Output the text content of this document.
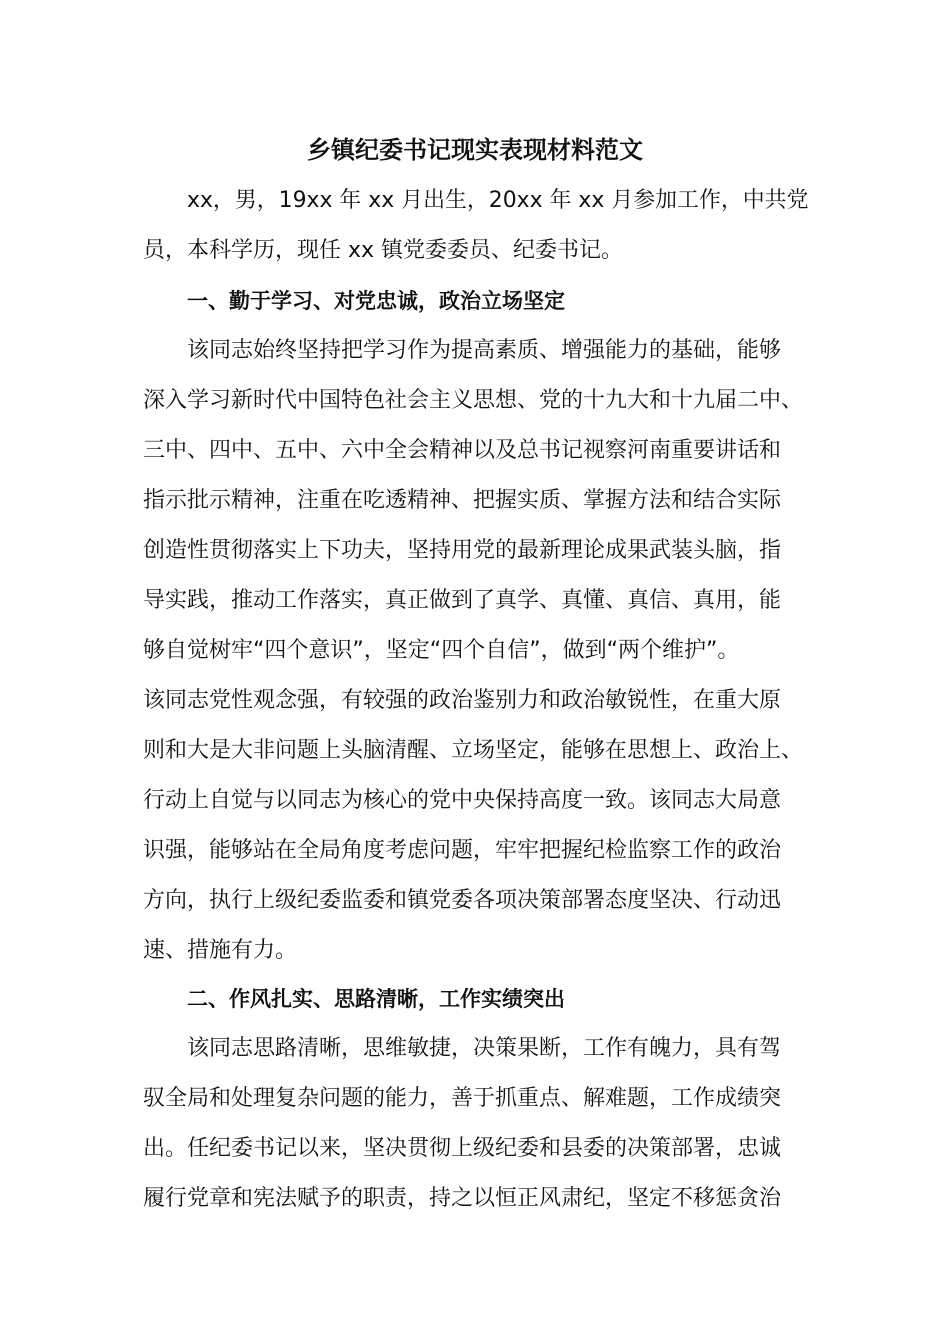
乡镇纪委书记现实表现材料范文
xx，男，19xx 年 xx 月出生，20xx 年 xx 月参加工作，中共党
员，本科学历，现任 xx 镇党委委员、纪委书记。
一、勤于学习、对党忠诚，政治立场坚定
该同志始终坚持把学习作为提高素质、增强能力的基础，能够
深入学习新时代中国特色社会主义思想、党的十九大和十九届二中、
三中、四中、五中、六中全会精神以及总书记视察河南重要讲话和
指示批示精神，注重在吃透精神、把握实质、掌握方法和结合实际
创造性贯彻落实上下功夫，坚持用党的最新理论成果武装头脑，指
导实践，推动工作落实，真正做到了真学、真懂、真信、真用，能
够自觉树牢“四个意识”，坚定“四个自信”，做到“两个维护”。
该同志党性观念强，有较强的政治鉴别力和政治敏锐性，在重大原
则和大是大非问题上头脑清醒、立场坚定，能够在思想上、政治上、
行动上自觉与以同志为核心的党中央保持高度一致。该同志大局意
识强，能够站在全局角度考虑问题，牢牢把握纪检监察工作的政治
方向，执行上级纪委监委和镇党委各项决策部署态度坚决、行动迅
速、措施有力。
二、作风扎实、思路清晰，工作实绩突出
该同志思路清晰，思维敏捷，决策果断，工作有魄力，具有驾
驭全局和处理复杂问题的能力，善于抓重点、解难题，工作成绩突
出。任纪委书记以来，坚决贯彻上级纪委和县委的决策部署，忠诚
履行党章和宪法赋予的职责，持之以恒正风肃纪，坚定不移惩贪治
